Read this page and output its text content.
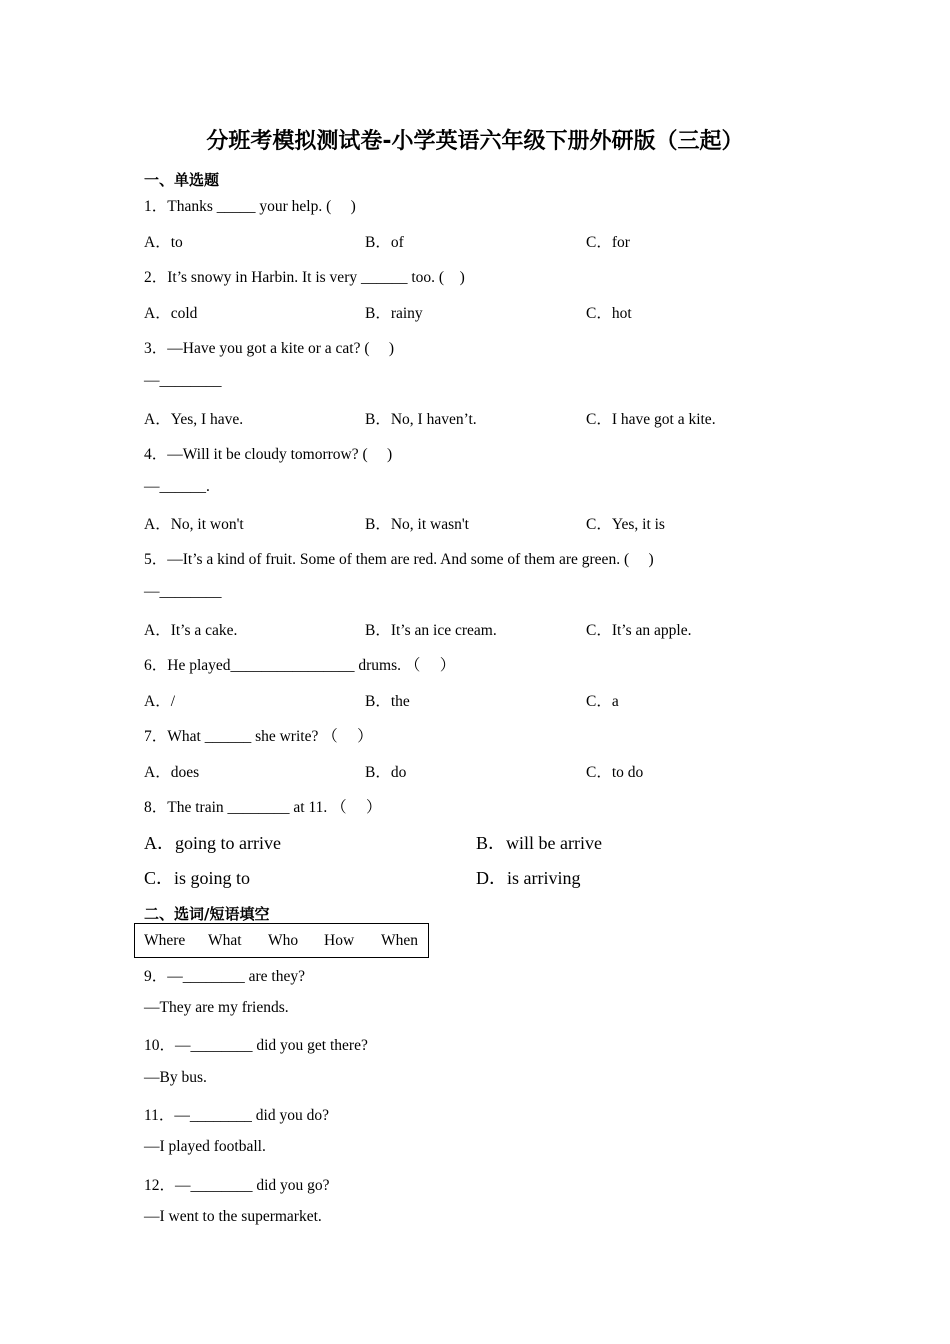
分班考模拟测试卷-小学英语六年级下册外研版（三起）
一、单选题
1．Thanks _____ your help. (　 )
A．to	B．of	C．for
2．It’s snowy in Harbin. It is very ______ too. (　)
A．cold	B．rainy	C．hot
3．—Have you got a kite or a cat? (　 )
—________
A．Yes, I have.	B．No, I haven’t.	C．I have got a kite.
4．—Will it be cloudy tomorrow? (　 )
—______.
A．No, it won't	B．No, it wasn't	C．Yes, it is
5．—It’s a kind of fruit. Some of them are red. And some of them are green. (　 )
—________
A．It’s a cake.	B．It’s an ice cream.	C．It’s an apple.
6．He played________________ drums. （　 ）
A．/	B．the	C．a
7．What ______ she write? （　 ）
A．does	B．do	C．to do
8．The train ________ at 11. （　 ）
A．going to arrive	B．will be arrive
C．is going to	D．is arriving
二、选词/短语填空
Where What Who How When
9．—________ are they?
—They are my friends.
10．—________ did you get there?
—By bus.
11．—________ did you do?
—I played football.
12．—________ did you go?
—I went to the supermarket.
